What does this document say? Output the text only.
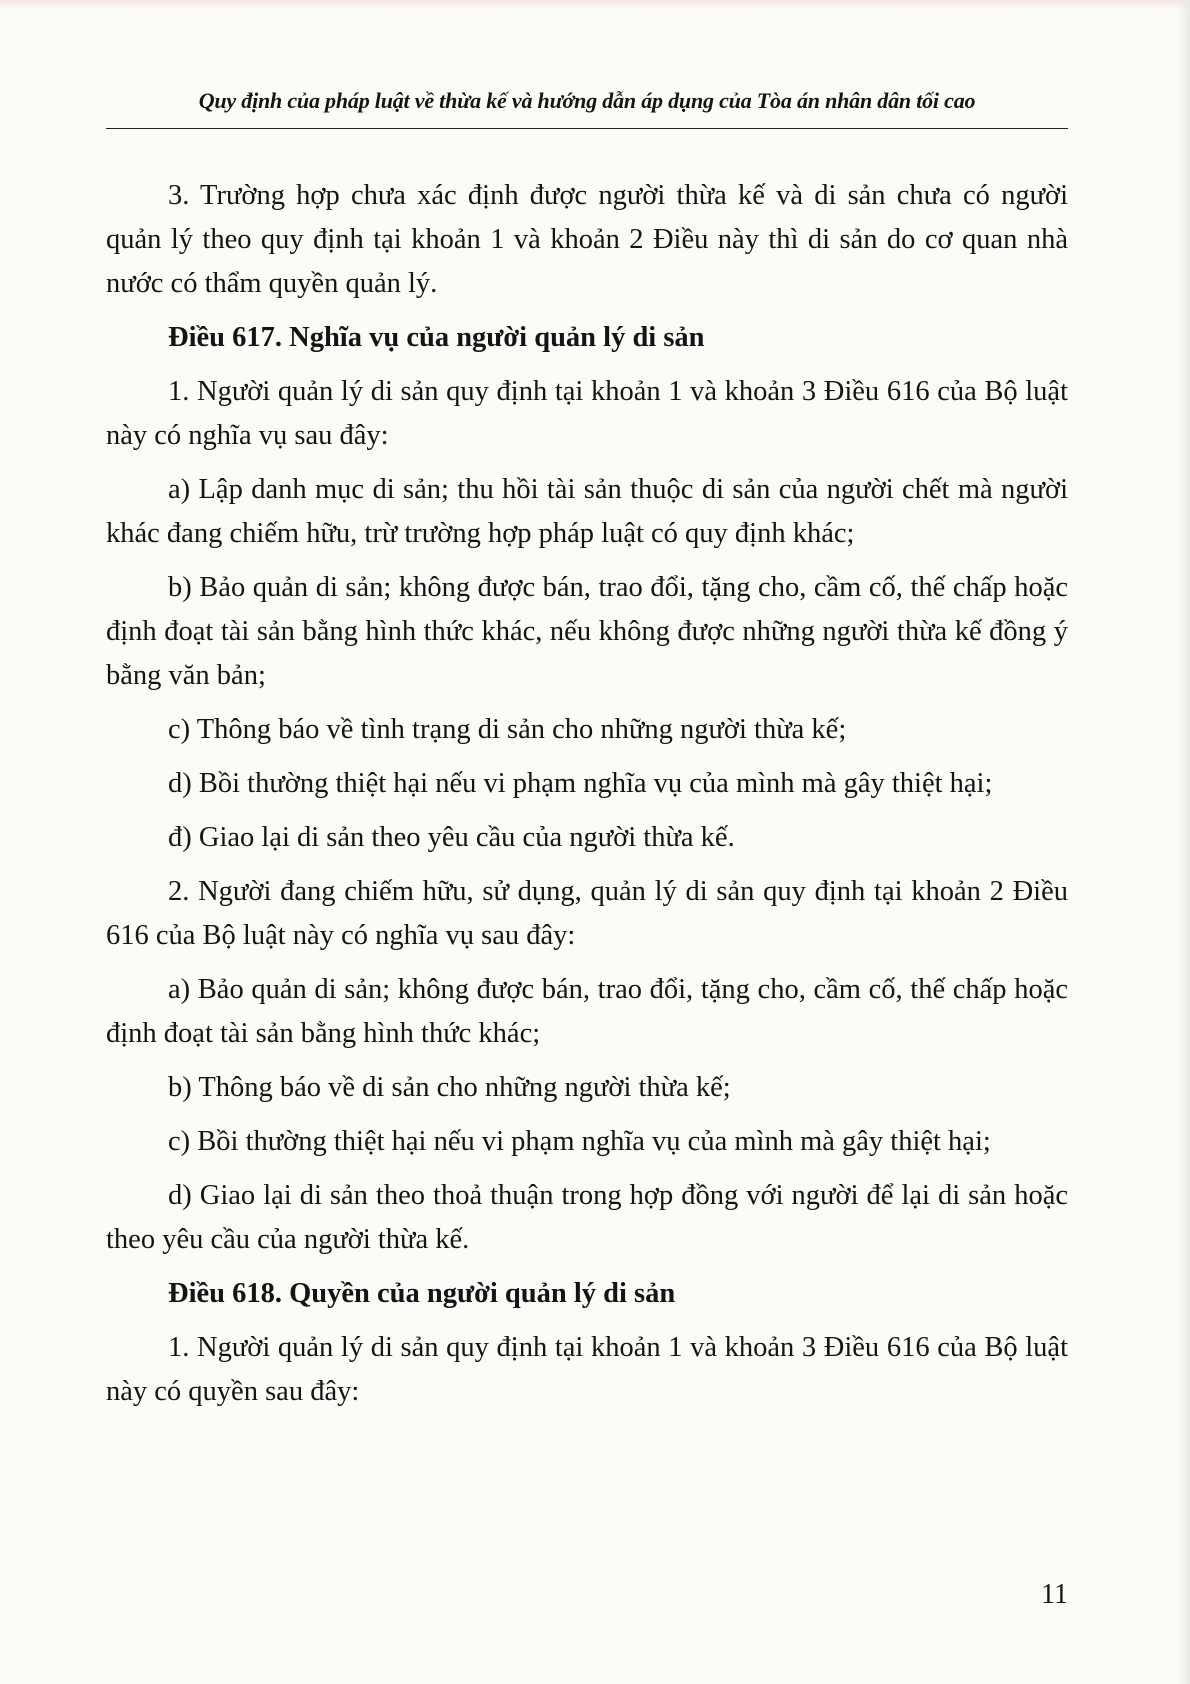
Quy định của pháp luật về thừa kế và hướng dẫn áp dụng của Tòa án nhân dân tối cao

3. Trường hợp chưa xác định được người thừa kế và di sản chưa có người quản lý theo quy định tại khoản 1 và khoản 2 Điều này thì di sản do cơ quan nhà nước có thẩm quyền quản lý.

Điều 617. Nghĩa vụ của người quản lý di sản

1. Người quản lý di sản quy định tại khoản 1 và khoản 3 Điều 616 của Bộ luật này có nghĩa vụ sau đây:

a) Lập danh mục di sản; thu hồi tài sản thuộc di sản của người chết mà người khác đang chiếm hữu, trừ trường hợp pháp luật có quy định khác;

b) Bảo quản di sản; không được bán, trao đổi, tặng cho, cầm cố, thế chấp hoặc định đoạt tài sản bằng hình thức khác, nếu không được những người thừa kế đồng ý bằng văn bản;

c) Thông báo về tình trạng di sản cho những người thừa kế;

d) Bồi thường thiệt hại nếu vi phạm nghĩa vụ của mình mà gây thiệt hại;

đ) Giao lại di sản theo yêu cầu của người thừa kế.

2. Người đang chiếm hữu, sử dụng, quản lý di sản quy định tại khoản 2 Điều 616 của Bộ luật này có nghĩa vụ sau đây:

a) Bảo quản di sản; không được bán, trao đổi, tặng cho, cầm cố, thế chấp hoặc định đoạt tài sản bằng hình thức khác;

b) Thông báo về di sản cho những người thừa kế;

c) Bồi thường thiệt hại nếu vi phạm nghĩa vụ của mình mà gây thiệt hại;

d) Giao lại di sản theo thoả thuận trong hợp đồng với người để lại di sản hoặc theo yêu cầu của người thừa kế.

Điều 618. Quyền của người quản lý di sản

1. Người quản lý di sản quy định tại khoản 1 và khoản 3 Điều 616 của Bộ luật này có quyền sau đây:

11
